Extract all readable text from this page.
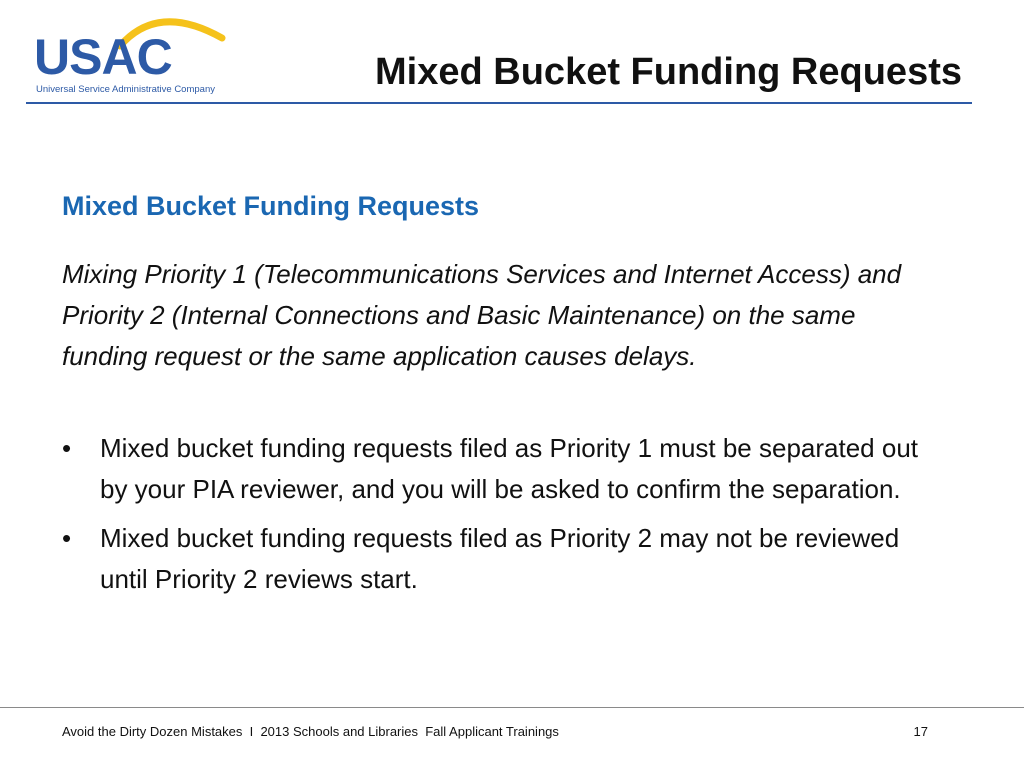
USAC
Universal Service Administrative Company	Mixed Bucket Funding Requests
Mixed Bucket Funding Requests
Mixing Priority 1 (Telecommunications Services and Internet Access) and Priority 2 (Internal Connections and Basic Maintenance) on the same funding request or the same application causes delays.
•	Mixed bucket funding requests filed as Priority 1 must be separated out by your PIA reviewer, and you will be asked to confirm the separation.
•	Mixed bucket funding requests filed as Priority 2 may not be reviewed until Priority 2 reviews start.
Avoid the Dirty Dozen Mistakes  I  2013 Schools and Libraries  Fall Applicant Trainings	17
